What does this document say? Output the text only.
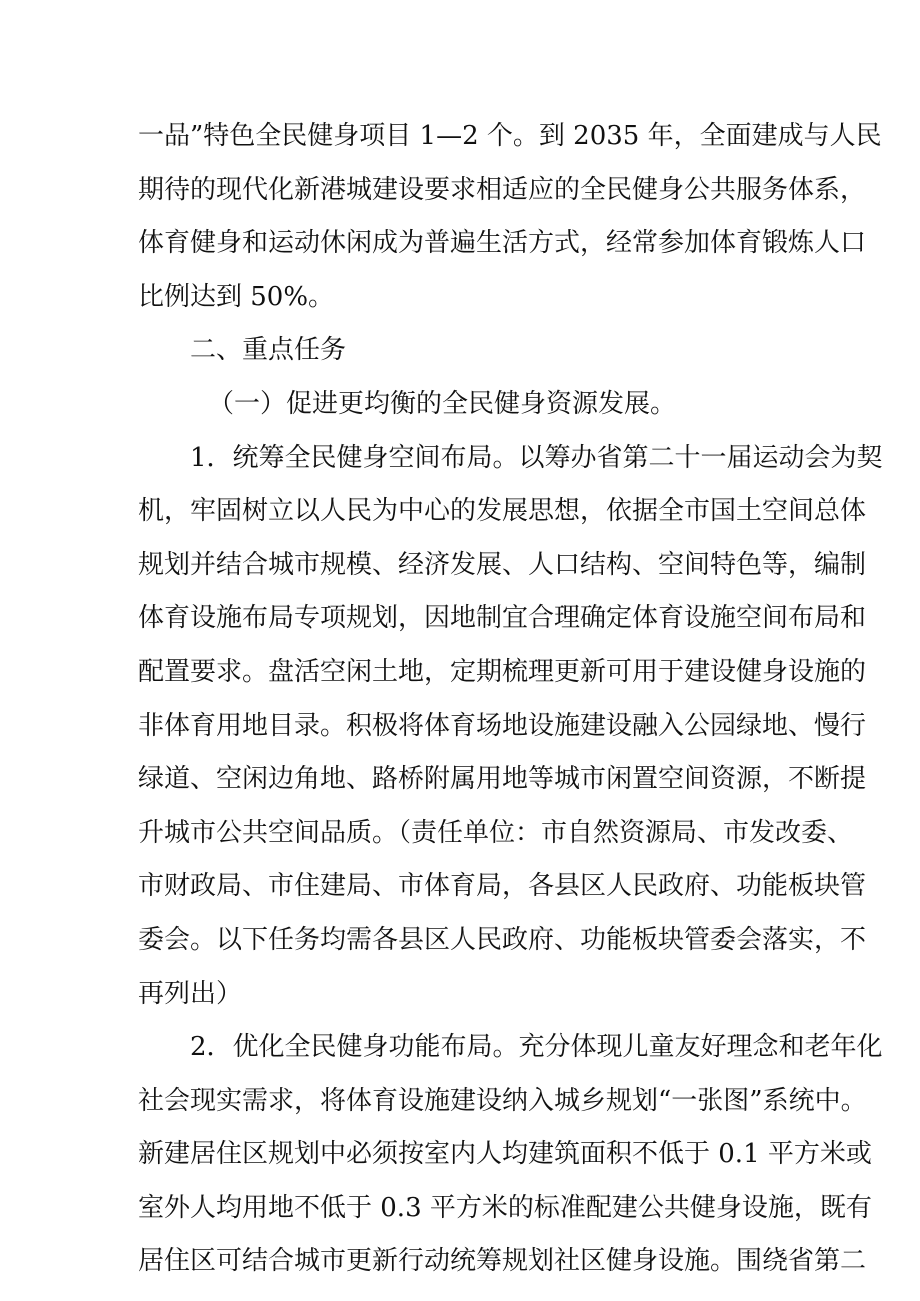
一品”特色全民健身项目 1—2 个。到 2035 年，全面建成与人民
期待的现代化新港城建设要求相适应的全民健身公共服务体系，
体育健身和运动休闲成为普遍生活方式，经常参加体育锻炼人口
比例达到 50%。
二、重点任务
（一）促进更均衡的全民健身资源发展。
1．统筹全民健身空间布局。以筹办省第二十一届运动会为契
机，牢固树立以人民为中心的发展思想，依据全市国土空间总体
规划并结合城市规模、经济发展、人口结构、空间特色等，编制
体育设施布局专项规划，因地制宜合理确定体育设施空间布局和
配置要求。盘活空闲土地，定期梳理更新可用于建设健身设施的
非体育用地目录。积极将体育场地设施建设融入公园绿地、慢行
绿道、空闲边角地、路桥附属用地等城市闲置空间资源，不断提
升城市公共空间品质。（责任单位：市自然资源局、市发改委、
市财政局、市住建局、市体育局，各县区人民政府、功能板块管
委会。以下任务均需各县区人民政府、功能板块管委会落实，不
再列出）
2．优化全民健身功能布局。充分体现儿童友好理念和老年化
社会现实需求，将体育设施建设纳入城乡规划“一张图”系统中。
新建居住区规划中必须按室内人均建筑面积不低于 0.1 平方米或
室外人均用地不低于 0.3 平方米的标准配建公共健身设施，既有
居住区可结合城市更新行动统筹规划社区健身设施。围绕省第二
